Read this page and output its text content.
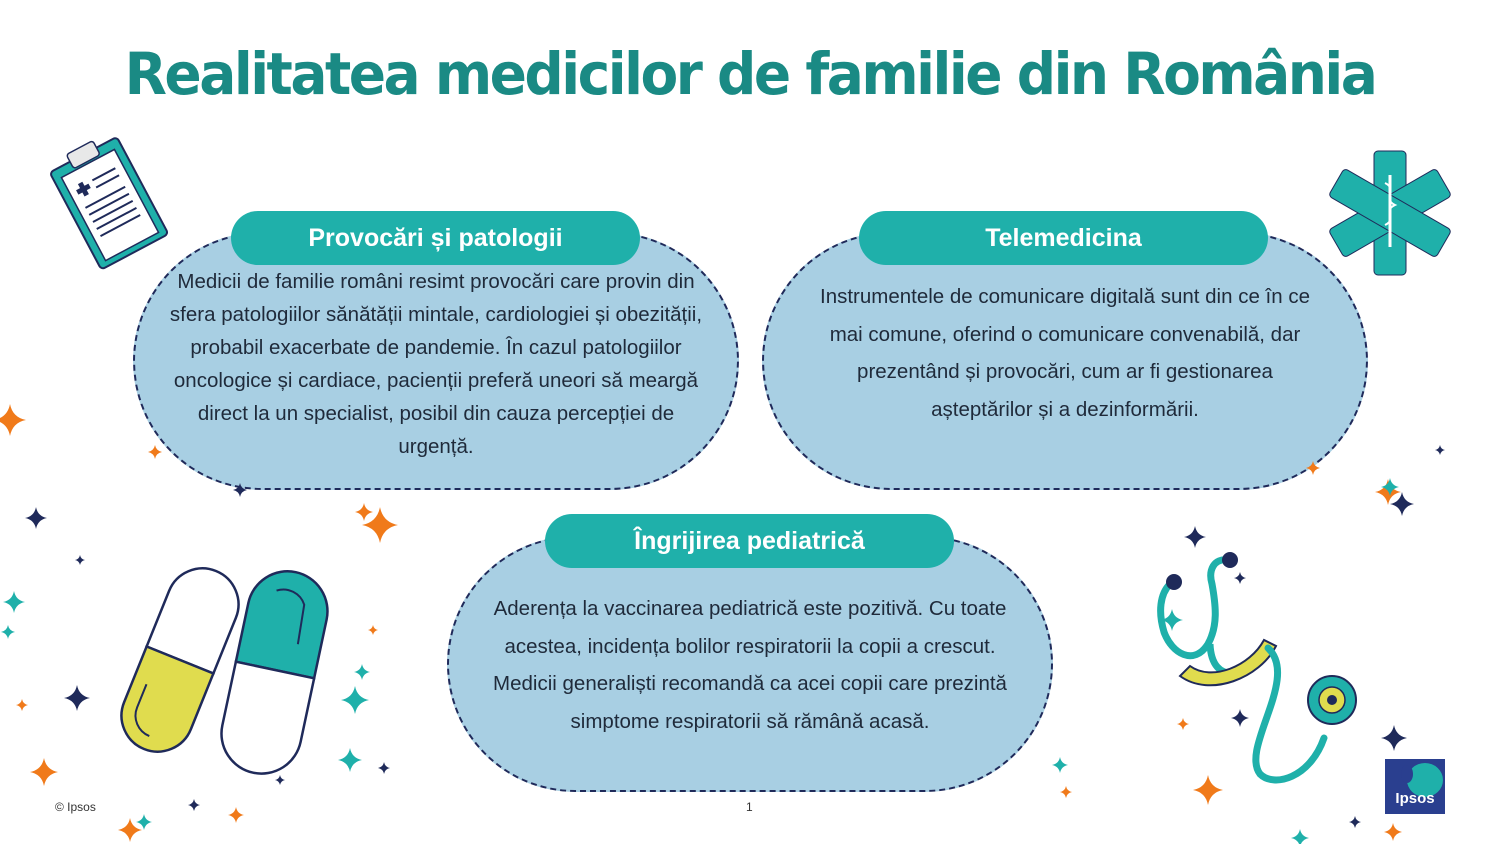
Realitatea medicilor de familie din România
Provocări și patologii
Medicii de familie români resimt provocări care provin din sfera patologiilor sănătății mintale, cardiologiei și obezității, probabil exacerbate de pandemie. În cazul patologiilor oncologice și cardiace, pacienții preferă uneori să meargă direct la un specialist, posibil din cauza percepției de urgență.
Telemedicina
Instrumentele de comunicare digitală sunt din ce în ce mai comune, oferind o comunicare convenabilă, dar prezentând și provocări, cum ar fi gestionarea așteptărilor și a dezinformării.
Îngrijirea pediatrică
Aderența la vaccinarea pediatrică este pozitivă. Cu toate acestea, incidența bolilor respiratorii la copii a crescut. Medicii generaliști recomandă ca acei copii care prezintă simptome respiratorii să rămână acasă.
© Ipsos	1	Ipsos
